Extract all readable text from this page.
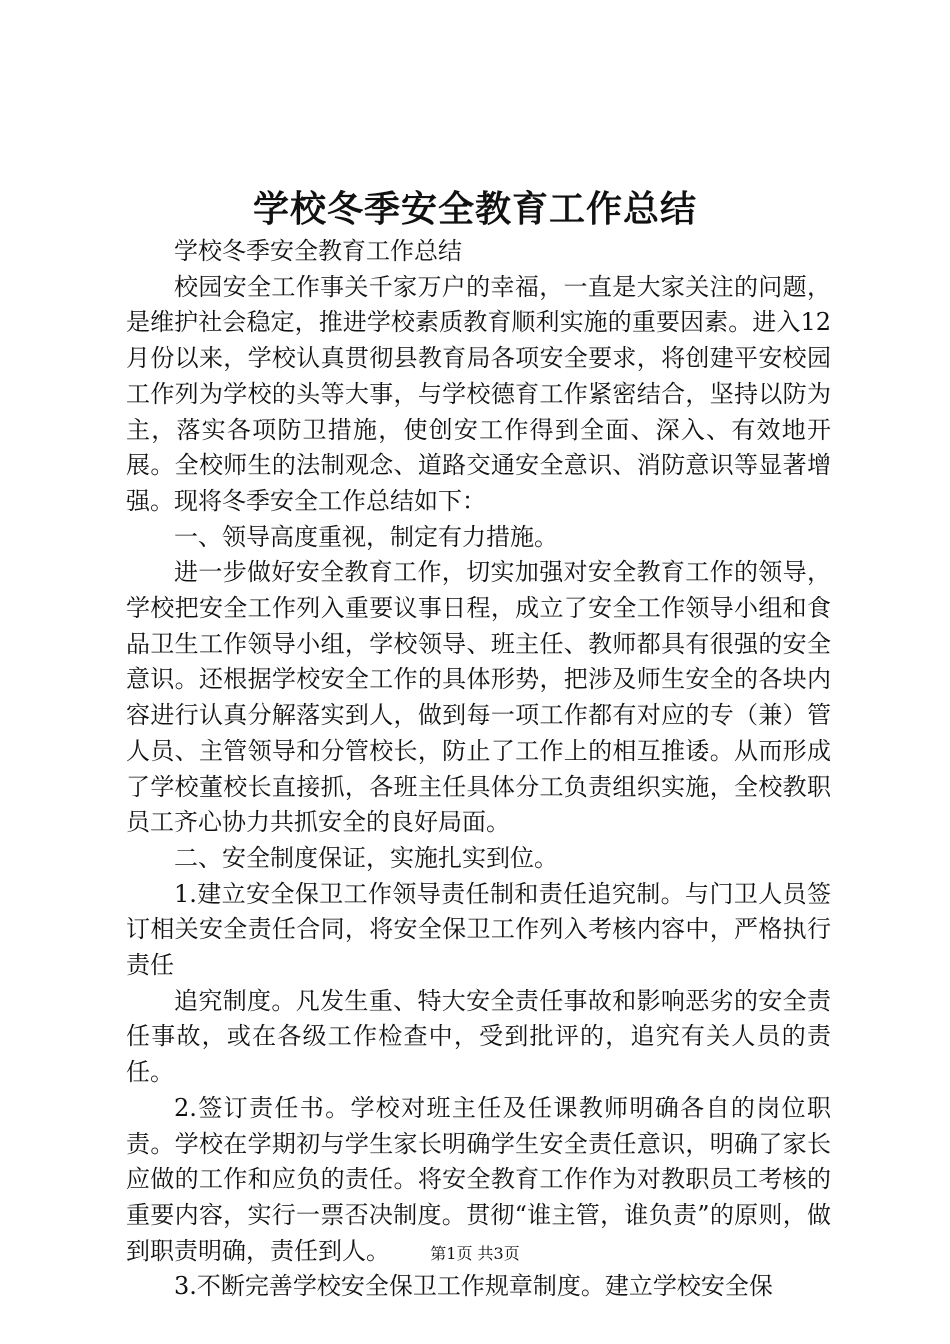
学校冬季安全教育工作总结

学校冬季安全教育工作总结

校园安全工作事关千家万户的幸福，一直是大家关注的问题，是维护社会稳定，推进学校素质教育顺利实施的重要因素。进入12月份以来，学校认真贯彻县教育局各项安全要求，将创建平安校园工作列为学校的头等大事，与学校德育工作紧密结合，坚持以防为主，落实各项防卫措施，使创安工作得到全面、深入、有效地开展。全校师生的法制观念、道路交通安全意识、消防意识等显著增强。现将冬季安全工作总结如下：

一、领导高度重视，制定有力措施。

进一步做好安全教育工作，切实加强对安全教育工作的领导，学校把安全工作列入重要议事日程，成立了安全工作领导小组和食品卫生工作领导小组，学校领导、班主任、教师都具有很强的安全意识。还根据学校安全工作的具体形势，把涉及师生安全的各块内容进行认真分解落实到人，做到每一项工作都有对应的专（兼）管人员、主管领导和分管校长，防止了工作上的相互推诿。从而形成了学校董校长直接抓，各班主任具体分工负责组织实施，全校教职员工齐心协力共抓安全的良好局面。

二、安全制度保证，实施扎实到位。

1.建立安全保卫工作领导责任制和责任追究制。与门卫人员签订相关安全责任合同，将安全保卫工作列入考核内容中，严格执行责任

追究制度。凡发生重、特大安全责任事故和影响恶劣的安全责任事故，或在各级工作检查中，受到批评的，追究有关人员的责任。

2.签订责任书。学校对班主任及任课教师明确各自的岗位职责。学校在学期初与学生家长明确学生安全责任意识，明确了家长应做的工作和应负的责任。将安全教育工作作为对教职员工考核的重要内容，实行一票否决制度。贯彻“谁主管，谁负责”的原则，做到职责明确，责任到人。

3.不断完善学校安全保卫工作规章制度。建立学校安全保

第1页 共3页
